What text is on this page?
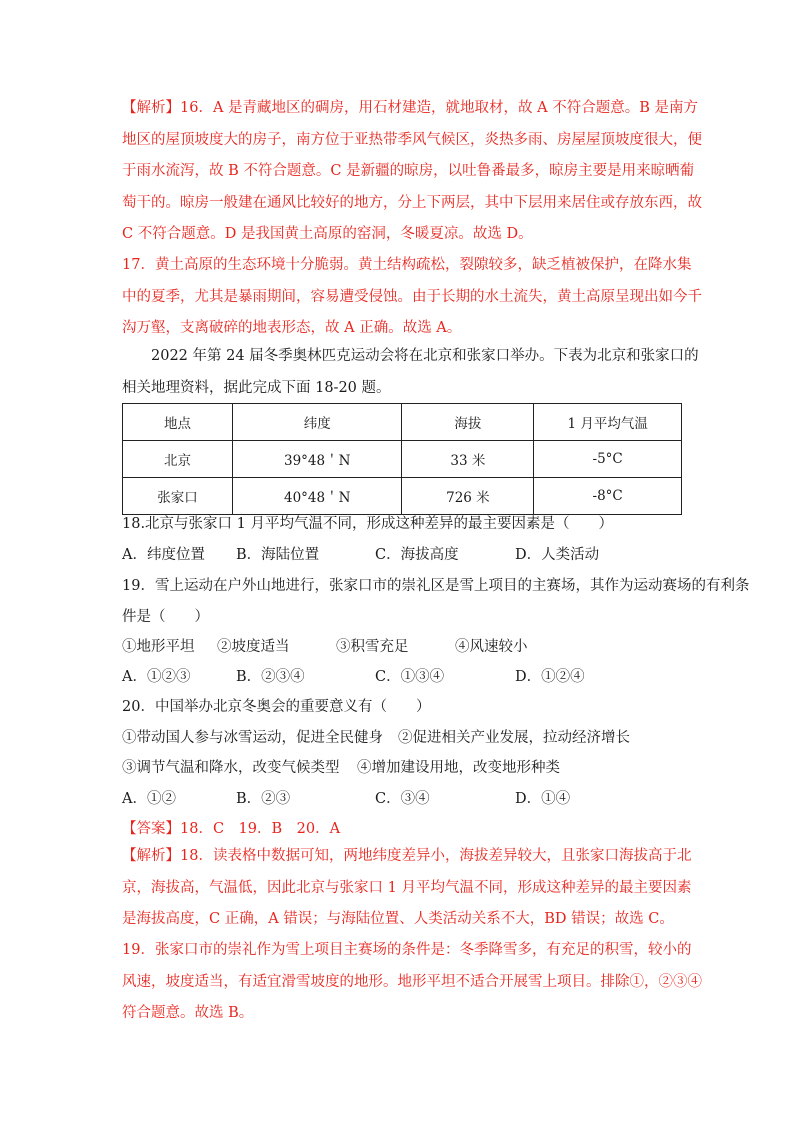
【解析】16．A 是青藏地区的碉房，用石材建造，就地取材，故 A 不符合题意。B 是南方地区的屋顶坡度大的房子，南方位于亚热带季风气候区，炎热多雨、房屋屋顶坡度很大，便于雨水流泻，故 B 不符合题意。C 是新疆的晾房，以吐鲁番最多，晾房主要是用来晾晒葡萄干的。晾房一般建在通风比较好的地方，分上下两层，其中下层用来居住或存放东西，故 C 不符合题意。D 是我国黄土高原的窑洞，冬暖夏凉。故选 D。
17．黄土高原的生态环境十分脆弱。黄土结构疏松，裂隙较多，缺乏植被保护，在降水集中的夏季，尤其是暴雨期间，容易遭受侵蚀。由于长期的水土流失，黄土高原呈现出如今千沟万壑，支离破碎的地表形态，故 A 正确。故选 A。
2022 年第 24 届冬季奥林匹克运动会将在北京和张家口举办。下表为北京和张家口的相关地理资料，据此完成下面 18-20 题。
地点	纬度	海拔	1 月平均气温
北京	39°48＇N	33 米	-5°C
张家口	40°48＇N	726 米	-8°C
18.北京与张家口 1 月平均气温不同，形成这种差异的最主要因素是（　　）
A．纬度位置 B．海陆位置	C．海拔高度	D．人类活动
19．雪上运动在户外山地进行，张家口市的崇礼区是雪上项目的主赛场，其作为运动赛场的有利条
件是（　　）
①地形平坦 ②坡度适当	③积雪充足	④风速较小
A．①②③	B．②③④	C．①③④	D．①②④
20．中国举办北京冬奥会的重要意义有（　　）
①带动国人参与冰雪运动，促进全民健身 ②促进相关产业发展，拉动经济增长
③调节气温和降水，改变气候类型 ④增加建设用地，改变地形种类
A．①②	B．②③	C．③④	D．①④
【答案】18．C　19．B　20．A
【解析】18．读表格中数据可知，两地纬度差异小，海拔差异较大，且张家口海拔高于北京，海拔高，气温低，因此北京与张家口 1 月平均气温不同，形成这种差异的最主要因素是海拔高度，C 正确，A 错误；与海陆位置、人类活动关系不大，BD 错误；故选 C。
19．张家口市的崇礼作为雪上项目主赛场的条件是：冬季降雪多，有充足的积雪，较小的风速，坡度适当，有适宜滑雪坡度的地形。地形平坦不适合开展雪上项目。排除①，②③④符合题意。故选 B。
